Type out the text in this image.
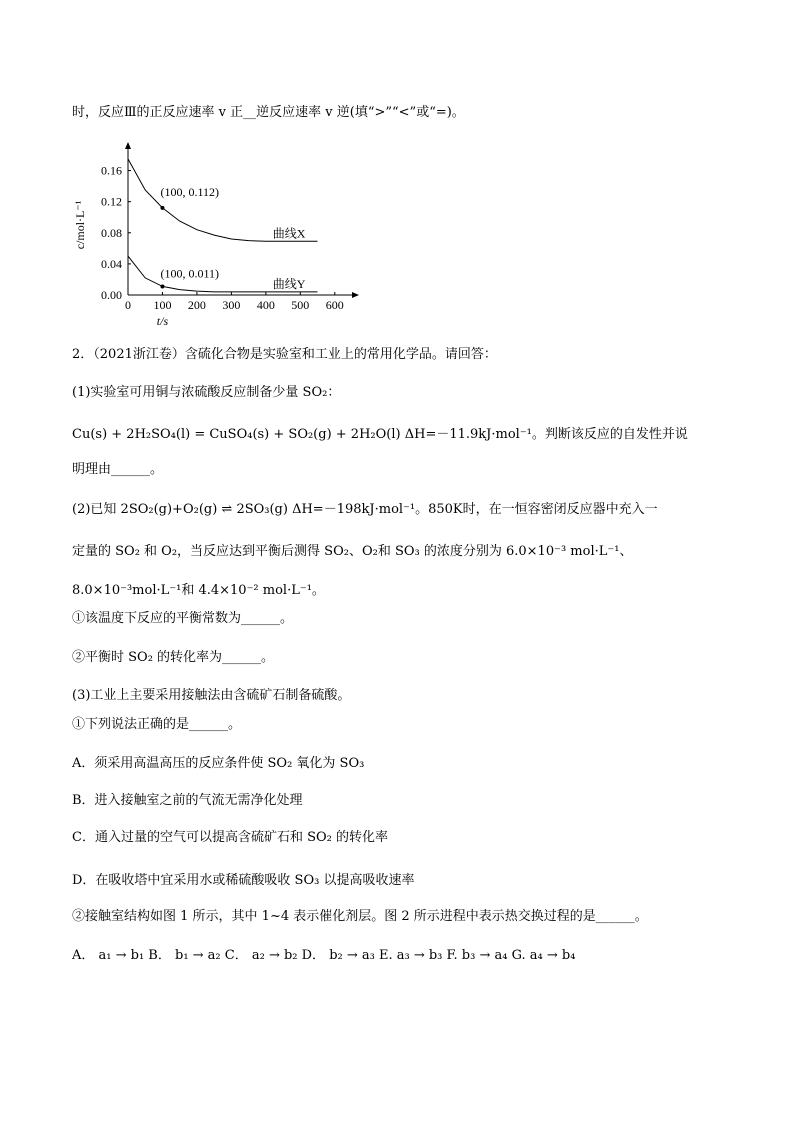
时，反应Ⅲ的正反应速率 v 正__逆反应速率 v 逆(填“>”“<”或“=)。
0 100 200 300 400 500 600
0.00
0.04
0.08
0.12
0.16
t/s
c/mol·L⁻¹	曲线X
曲线Y
(100, 0.112)
(100, 0.011)
2．（2021浙江卷）含硫化合物是实验室和工业上的常用化学品。请回答：
(1)实验室可用铜与浓硫酸反应制备少量 SO₂：
Cu(s) + 2H₂SO₄(l) = CuSO₄(s) + SO₂(g) + 2H₂O(l) ΔH=－11.9kJ·mol⁻¹。判断该反应的自发性并说
明理由______。
(2)已知 2SO₂(g)+O₂(g) ⇌ 2SO₃(g) ΔH=－198kJ·mol⁻¹。850K时，在一恒容密闭反应器中充入一
定量的 SO₂ 和 O₂，当反应达到平衡后测得 SO₂、O₂和 SO₃ 的浓度分别为 6.0×10⁻³ mol·L⁻¹、
8.0×10⁻³mol·L⁻¹和 4.4×10⁻² mol·L⁻¹。
①该温度下反应的平衡常数为______。
②平衡时 SO₂ 的转化率为______。
(3)工业上主要采用接触法由含硫矿石制备硫酸。
①下列说法正确的是______。
A．须采用高温高压的反应条件使 SO₂ 氧化为 SO₃
B．进入接触室之前的气流无需净化处理
C．通入过量的空气可以提高含硫矿石和 SO₂ 的转化率
D．在吸收塔中宜采用水或稀硫酸吸收 SO₃ 以提高吸收速率
②接触室结构如图 1 所示，其中 1~4 表示催化剂层。图 2 所示进程中表示热交换过程的是______。
A． a₁ → b₁ B． b₁ → a₂ C． a₂ → b₂ D． b₂ → a₃ E. a₃ → b₃ F. b₃ → a₄ G. a₄ → b₄
